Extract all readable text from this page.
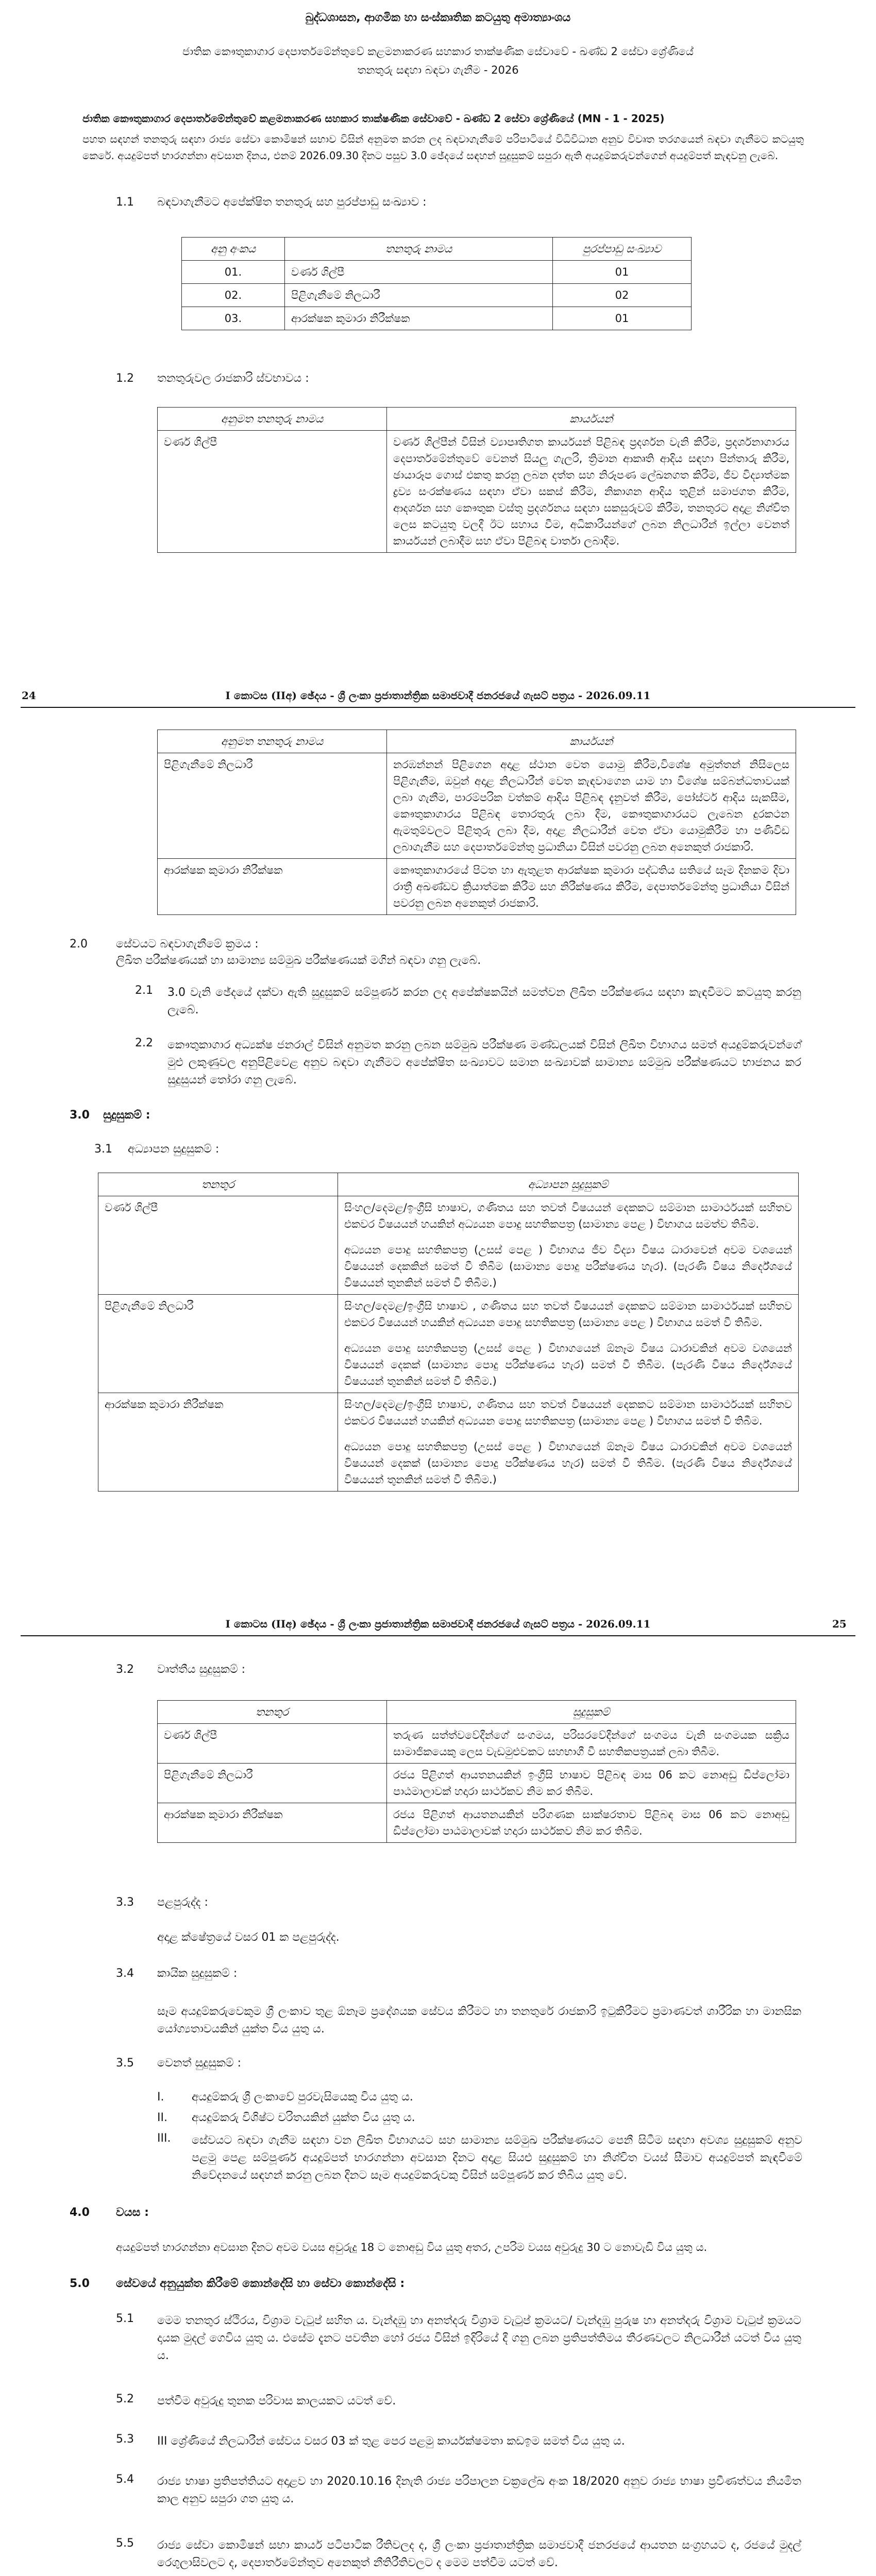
බුද්ධශාසන, ආගමික හා සංස්කෘතික කටයුතු අමාත්‍යාංශය
ජාතික කෞතුකාගාර දෙපාර්තමේන්තුවේ කළමනාකරණ සහකාර තාක්ෂණික සේවාවේ - ඛණ්ඩ 2 සේවා ශ්‍රේණියේ
තනතුරු සඳහා බඳවා ගැනීම - 2026
ජාතික කෞතුකාගාර දෙපාර්තමේන්තුවේ කළමනාකරණ සහකාර තාක්ෂණික සේවාවේ - ඛණ්ඩ 2 සේවා ශ්‍රේණියේ (MN - 1 - 2025)
පහත සඳහන් තනතුරු සඳහා රාජ්‍ය සේවා කොමිෂන් සභාව විසින් අනුමත කරන ලද බඳවාගැනීමේ පරිපාටියේ විධිවිධාන අනුව විවෘත තරගයෙන් බඳවා ගැනීමට කටයුතු කෙරේ. අයදුම්පත් භාරගන්නා අවසාන දිනය, එනම් 2026.09.30 දිනට පසුව 3.0 ඡේදයේ සඳහන් සුදුසුකම් සපුරා ඇති අයදුම්කරුවන්ගෙන් අයදුම්පත් කැඳවනු ලැබේ.
1.1 බඳවාගැනීමට අපේක්ෂිත තනතුරු සහ පුරප්පාඩු සංඛ්‍යාව :
අනු අංකය	තනතුරු නාමය	පුරප්පාඩු සංඛ්‍යාව
01.	වර්ණ ශිල්පී	01
02.	පිළිගැනීමේ නිලධාරී	02
03.	ආරක්ෂක කුමාරා නිරීක්ෂක	01
1.2 තනතුරුවල රාජකාරි ස්වභාවය :
අනුමත තනතුරු නාමය	කාර්යයන්
වර්ණ ශිල්පී	වර්ණ ශිල්පීන් විසින් ව්‍යාපෘතිගත කාර්යයන් පිළිබඳ ප්‍රදර්ශන වැනි කිරීම, ප්‍රදර්ශනාගාරය දෙපාර්තමේන්තුවේ වෙනත් සියලු ගැලරි, ත්‍රිමාන ආකෘති ආදිය සඳහා පින්තාරු කිරීම, ඡායාරූප ගොස් එකතු කරනු ලබන දත්ත සහ නිරූපණ ලේඛනගත කිරීම, ජීව විද්‍යාත්මක ද්‍රව්‍ය සංරක්ෂණය සඳහා ඒවා සකස් කිරීම, නිකාශන ආදිය තුළින් සමාජගත කිරීම, ආදර්ශන සහ කෞතුක වස්තු ප්‍රදර්ශනය සඳහා සකසුරුවම් කිරීම, තනතුරට අදාළ නිශ්චිත ලෙස කටයුතු වලදී ඊට සහාය වීම, අධිකාරීයන්ගේ ලබන නිලධාරීන් ඉල්ලා වෙනත් කාර්යයන් ලබාදීම සහ ඒවා පිළිබඳ වාර්තා ලබාදීම.
24	I කොටස (IIඅ) ඡේදය - ශ්‍රී ලංකා ප්‍රජාතාන්ත්‍රික සමාජවාදී ජනරජයේ ගැසට් පත්‍රය - 2026.09.11
අනුමත තනතුරු නාමය	කාර්යයන්
පිළිගැනීමේ නිලධාරී	නරඹන්නන් පිළිගෙන අදාළ ස්ථාන වෙත යොමු කිරීම,විශේෂ අමුත්තන් නිසිලෙස පිළිගැනීම, ඔවුන් අදාළ නිලධාරීන් වෙත කැඳවාගෙන යාම හා විශේෂ සම්බන්ධතාවයක් ලබා ගැනීම, පාරම්පරික වත්කම් ආදිය පිළිබඳ දැනුවත් කිරීම, පෝස්ටර් ආදිය සැකසීම, කෞතුකාගාරය පිළිබඳ තොරතුරු ලබා දීම, කෞතුකාගාරයට ලැබෙන දුරකථන ඇමතුම්වලට පිළිතුරු ලබා දීම, අදාළ නිලධාරීන් වෙත ඒවා යොමුකිරීම හා පණිවිඩ ලබාගැනීම සහ දෙපාර්තමේන්තු ප්‍රධානියා විසින් පවරනු ලබන අනෙකුත් රාජකාරි.
ආරක්ෂක කුමාරා නිරීක්ෂක	කෞතුකාගාරයේ පිටත හා ඇතුළත ආරක්ෂක කුමාරා පද්ධතිය සතියේ සෑම දිනකම දිවා රාත්‍රී අඛණ්ඩව ක්‍රියාත්මක කිරීම සහ නිරීක්ෂණය කිරීම, දෙපාර්තමේන්තු ප්‍රධානියා විසින් පවරනු ලබන අනෙකුත් රාජකාරි.
2.0	සේවයට බඳවාගැනීමේ ක්‍රමය :
ලිඛිත පරීක්ෂණයක් හා සාමාන්‍ය සම්මුඛ පරීක්ෂණයක් මගින් බඳවා ගනු ලැබේ.
2.1 3.0 වැනි ඡේදයේ දක්වා ඇති සුදුසුකම් සම්පූර්ණ කරන ලද අපේක්ෂකයින් සමත්වන ලිඛිත පරීක්ෂණය සඳහා කැඳවීමට කටයුතු කරනු ලැබේ.
2.2 කෞතුකාගාර අධ්‍යක්ෂ ජනරාල් විසින් අනුමත කරනු ලබන සම්මුඛ පරීක්ෂණ මණ්ඩලයක් විසින් ලිඛිත විභාගය සමත් අයදුම්කරුවන්ගේ මුළු ලකුණුවල අනුපිළිවෙළ අනුව බඳවා ගැනීමට අපේක්ෂිත සංඛ්‍යාවට සමාන සංඛ්‍යාවක් සාමාන්‍ය සම්මුඛ පරීක්ෂණයට භාජනය කර සුදුසුයන් තෝරා ගනු ලැබේ.
3.0 සුදුසුකම් :
3.1 අධ්‍යාපන සුදුසුකම් :
තනතුර	අධ්‍යාපන සුදුසුකම්
වර්ණ ශිල්පී	සිංහල/දෙමළ/ඉංග්‍රීසි භාෂාව, ගණිතය සහ තවත් විෂයයන් දෙකකට සම්මාන සාමාර්ථයක් සහිතව එකවර විෂයයන් හයකින් අධ්‍යයන පොදු සහතිකපත්‍ර (සාමාන්‍ය පෙළ ) විභාගය සමත්ව තිබීම.

අධ්‍යයන පොදු සහතිකපත්‍ර (උසස් පෙළ ) විභාගය ජීව විද්‍යා විෂය ධාරාවෙන් අවම වශයෙන් විෂයයන් දෙකකින් සමත් වී තිබීම (සාමාන්‍ය පොදු පරීක්ෂණය හැර). (පැරණි විෂය නිර්දේශයේ විෂයයන් තුනකින් සමත් වී තිබීම.)

පිළිගැනීමේ නිලධාරී	සිංහල/දෙමළ/ඉංග්‍රීසි භාෂාව , ගණිතය සහ තවත් විෂයයන් දෙකකට සම්මාන සාමාර්ථයක් සහිතව එකවර විෂයයන් හයකින් අධ්‍යයන පොදු සහතිකපත්‍ර (සාමාන්‍ය පෙළ ) විභාගය සමත් වී තිබීම.

අධ්‍යයන පොදු සහතිකපත්‍ර (උසස් පෙළ ) විභාගයෙන් ඕනෑම විෂය ධාරාවකින් අවම වශයෙන් විෂයයන් දෙකක් (සාමාන්‍ය පොදු පරීක්ෂණය හැර) සමත් වී තිබීම. (පැරණි විෂය නිර්දේශයේ විෂයයන් තුනකින් සමත් වී තිබීම.)

ආරක්ෂක කුමාරා නිරීක්ෂක	සිංහල/දෙමළ/ඉංග්‍රීසි භාෂාව, ගණිතය සහ තවත් විෂයයන් දෙකකට සම්මාන සාමාර්ථයක් සහිතව එකවර විෂයයන් හයකින් අධ්‍යයන පොදු සහතිකපත්‍ර (සාමාන්‍ය පෙළ ) විභාගය සමත් වී තිබීම.

අධ්‍යයන පොදු සහතිකපත්‍ර (උසස් පෙළ ) විභාගයෙන් ඕනෑම විෂය ධාරාවකින් අවම වශයෙන් විෂයයන් දෙකක් (සාමාන්‍ය පොදු පරීක්ෂණය හැර) සමත් වී තිබීම. (පැරණි විෂය නිර්දේශයේ විෂයයන් තුනකින් සමත් වී තිබීම.)

I කොටස (IIඅ) ඡේදය - ශ්‍රී ලංකා ප්‍රජාතාන්ත්‍රික සමාජවාදී ජනරජයේ ගැසට් පත්‍රය - 2026.09.11	25
3.2 වෘත්තීය සුදුසුකම් :
තනතුර	සුදුසුකම්
වර්ණ ශිල්පී	තරුණ සත්ත්වවේදීන්ගේ සංගමය, පරිසරවේදීන්ගේ සංගමය වැනි සංගමයක සක්‍රිය සාමාජිකයෙකු ලෙස වැඩමුළුවකට සහභාගී වී සහතිකපත්‍රයක් ලබා තිබීම.
පිළිගැනීමේ නිලධාරී	රජය පිළිගත් ආයතනයකින් ඉංග්‍රීසි භාෂාව පිළිබඳ මාස 06 කට නොඅඩු ඩිප්ලෝමා පාඨමාලාවක් හදාරා සාර්ථකව නිම කර තිබීම.
ආරක්ෂක කුමාරා නිරීක්ෂක	රජය පිළිගත් ආයතනයකින් පරිගණක සාක්ෂරතාව පිළිබඳ මාස 06 කට නොඅඩු ඩිප්ලෝමා පාඨමාලාවක් හදාරා සාර්ථකව නිම කර තිබීම.
3.3 පළපුරුද්ද :
අදාළ ක්ෂේත්‍රයේ වසර 01 ක පළපුරුද්ද.
3.4 කායික සුදුසුකම් :
සෑම අයදුම්කරුවෙකුම ශ්‍රී ලංකාව තුළ ඕනෑම ප්‍රදේශයක සේවය කිරීමට හා තනතුරේ රාජකාරි ඉටුකිරීමට ප්‍රමාණවත් ශාරීරික හා මානසික යෝග්‍යතාවයකින් යුක්ත විය යුතු ය.
3.5 වෙනත් සුදුසුකම් :
I.	අයදුම්කරු ශ්‍රී ලංකාවේ පුරවැසියෙකු විය යුතු ය.
II.	අයදුම්කරු විශිෂ්ට චරිතයකින් යුක්ත විය යුතු ය.
III.	සේවයට බඳවා ගැනීම සඳහා වන ලිඛිත විභාගයට සහ සාමාන්‍ය සම්මුඛ පරීක්ෂණයට පෙනී සිටීම සඳහා අවශ්‍ය සුදුසුකම් අනුව පළමු පෙළ සම්පූර්ණ අයදුම්පත් භාරගන්නා අවසාන දිනට අදාළ සියළු සුදුසුකම් හා නිශ්චිත වයස් සීමාව අයදුම්පත් කැඳවීමේ නිවේදනයේ සඳහන් කරනු ලබන දිනට සෑම අයදුම්කරුවකු විසින් සම්පූර්ණ කර තිබිය යුතු වේ.
4.0 වයස :
අයදුම්පත් භාරගන්නා අවසාන දිනට අවම වයස අවුරුදු 18 ට නොඅඩු විය යුතු අතර, උපරිම වයස අවුරුදු 30 ට නොවැඩි විය යුතු ය.
5.0 සේවයේ අනුයුක්ත කිරීමේ කොන්දේසි හා සේවා කොන්දේසි :
5.1 මෙම තනතුර ස්ථිරය, විශ්‍රාම වැටුප් සහිත ය. වැන්දඹු හා අනත්දරු විශ්‍රාම වැටුප් ක්‍රමයට/ වැන්දඹු පුරුෂ හා අනත්දරු විශ්‍රාම වැටුප් ක්‍රමයට දායක මුදල් ගෙවිය යුතු ය. එසේම දැනට පවතින හෝ රජය විසින් ඉදිරියේ දී ගනු ලබන ප්‍රතිපත්තිමය තීරණවලට නිලධාරීන් යටත් විය යුතු ය.
5.2 පත්වීම අවුරුදු තුනක පරිවාස කාලයකට යටත් වේ.
5.3 III ශ්‍රේණියේ නිලධාරීන් සේවය වසර 03 ක් තුළ පෙර පළමු කාර්යක්ෂමතා කඩඉම සමත් විය යුතු ය.
5.4 රාජ්‍ය භාෂා ප්‍රතිපත්තියට අදාළව හා 2020.10.16 දිනැති රාජ්‍ය පරිපාලන චක්‍රලේඛ අංක 18/2020 අනුව රාජ්‍ය භාෂා ප්‍රවීණත්වය නියමිත කාල අනුව සපුරා ගත යුතු ය.
5.5 රාජ්‍ය සේවා කොමිෂන් සභා කාර්ය පටිපාටික රීතිවලද ද, ශ්‍රී ලංකා ප්‍රජාතාන්ත්‍රික සමාජවාදී ජනරජයේ ආයතන සංග්‍රහයට ද, රජයේ මුදල් රෙගුලාසිවලට ද, දෙපාර්තමේන්තුව අනෙකුත් නීතිරීතිවලට ද මෙම පත්වීම යටත් වේ.
